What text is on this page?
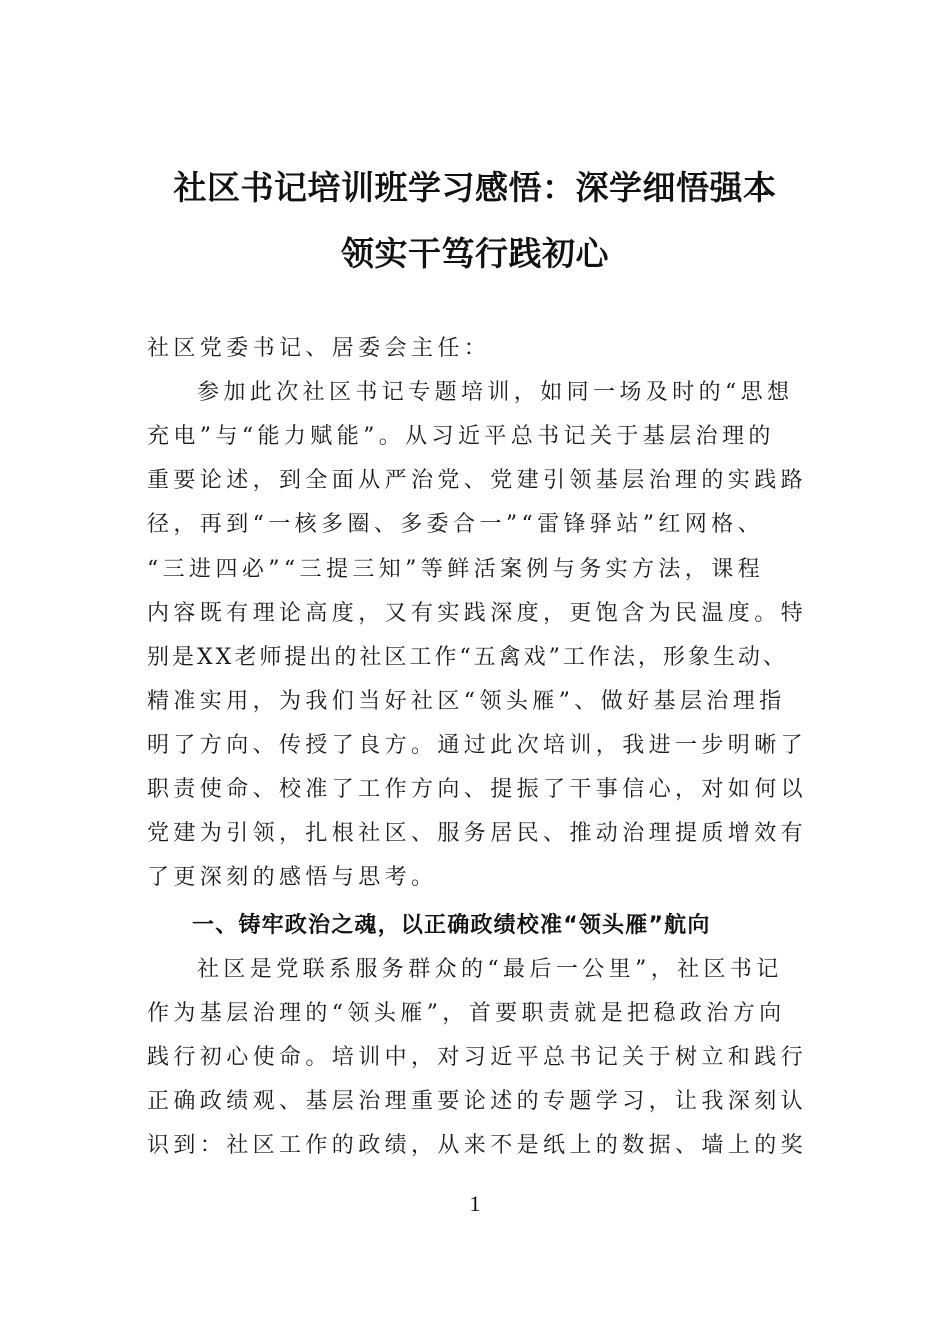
社区书记培训班学习感悟：深学细悟强本
领实干笃行践初心
社区党委书记、居委会主任：
参加此次社区书记专题培训，如同一场及时的“思想
充电”与“能力赋能”。从习近平总书记关于基层治理的
重要论述，到全面从严治党、党建引领基层治理的实践路
径，再到“一核多圈、多委合一”“雷锋驿站”红网格、
“三进四必”“三提三知”等鲜活案例与务实方法，课程
内容既有理论高度，又有实践深度，更饱含为民温度。特
别是XX老师提出的社区工作“五禽戏”工作法，形象生动、
精准实用，为我们当好社区“领头雁”、做好基层治理指
明了方向、传授了良方。通过此次培训，我进一步明晰了
职责使命、校准了工作方向、提振了干事信心，对如何以
党建为引领，扎根社区、服务居民、推动治理提质增效有
了更深刻的感悟与思考。
一、铸牢政治之魂，以正确政绩校准“领头雁”航向
社区是党联系服务群众的“最后一公里”，社区书记
作为基层治理的“领头雁”，首要职责就是把稳政治方向
践行初心使命。培训中，对习近平总书记关于树立和践行
正确政绩观、基层治理重要论述的专题学习，让我深刻认
识到：社区工作的政绩，从来不是纸上的数据、墙上的奖
1
